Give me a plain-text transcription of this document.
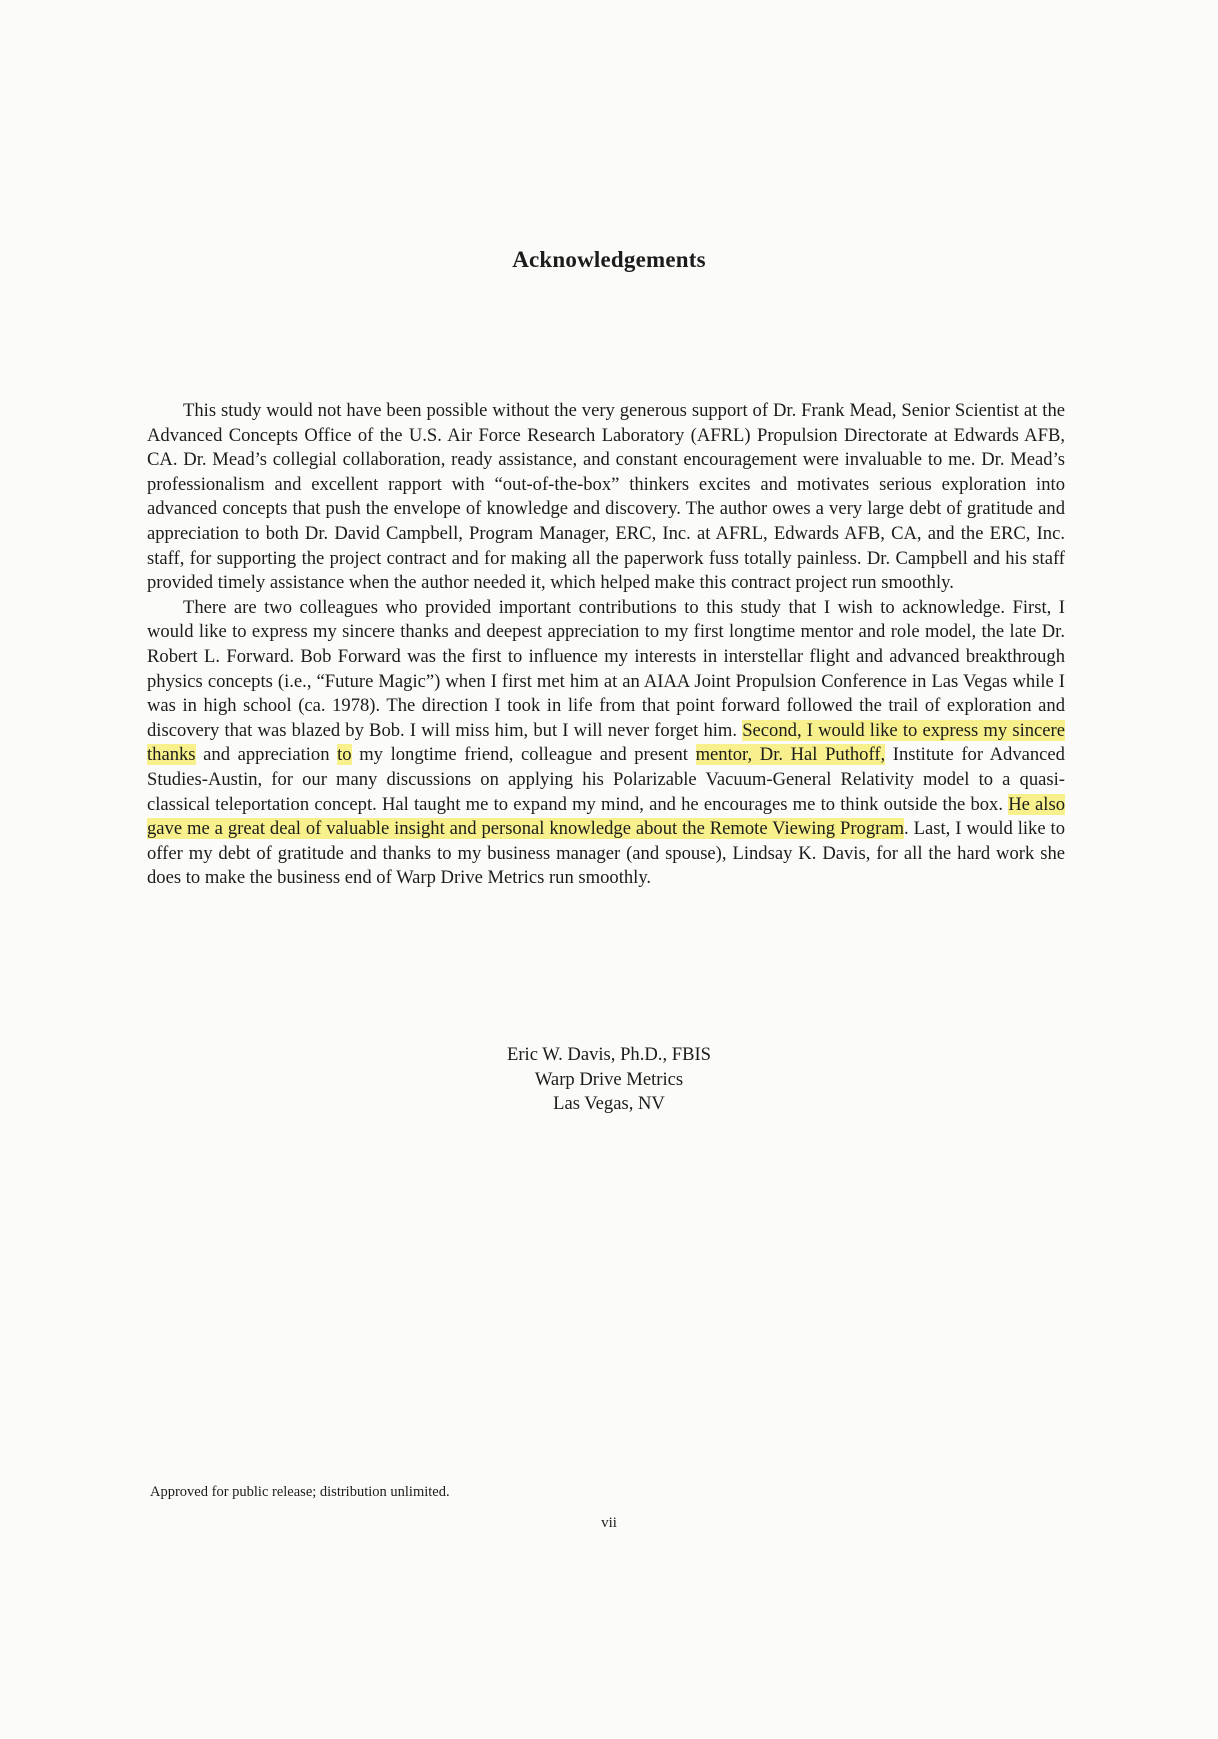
Acknowledgements

This study would not have been possible without the very generous support of Dr. Frank Mead, Senior Scientist at the Advanced Concepts Office of the U.S. Air Force Research Laboratory (AFRL) Propulsion Directorate at Edwards AFB, CA. Dr. Mead’s collegial collaboration, ready assistance, and constant encouragement were invaluable to me. Dr. Mead’s professionalism and excellent rapport with “out-of-the-box” thinkers excites and motivates serious exploration into advanced concepts that push the envelope of knowledge and discovery. The author owes a very large debt of gratitude and appreciation to both Dr. David Campbell, Program Manager, ERC, Inc. at AFRL, Edwards AFB, CA, and the ERC, Inc. staff, for supporting the project contract and for making all the paperwork fuss totally painless. Dr. Campbell and his staff provided timely assistance when the author needed it, which helped make this contract project run smoothly.

There are two colleagues who provided important contributions to this study that I wish to acknowledge. First, I would like to express my sincere thanks and deepest appreciation to my first longtime mentor and role model, the late Dr. Robert L. Forward. Bob Forward was the first to influence my interests in interstellar flight and advanced breakthrough physics concepts (i.e., “Future Magic”) when I first met him at an AIAA Joint Propulsion Conference in Las Vegas while I was in high school (ca. 1978). The direction I took in life from that point forward followed the trail of exploration and discovery that was blazed by Bob. I will miss him, but I will never forget him. Second, I would like to express my sincere thanks and appreciation to my longtime friend, colleague and present mentor, Dr. Hal Puthoff, Institute for Advanced Studies-Austin, for our many discussions on applying his Polarizable Vacuum-General Relativity model to a quasi-classical teleportation concept. Hal taught me to expand my mind, and he encourages me to think outside the box. He also gave me a great deal of valuable insight and personal knowledge about the Remote Viewing Program. Last, I would like to offer my debt of gratitude and thanks to my business manager (and spouse), Lindsay K. Davis, for all the hard work she does to make the business end of Warp Drive Metrics run smoothly.

Eric W. Davis, Ph.D., FBIS
Warp Drive Metrics
Las Vegas, NV
Approved for public release; distribution unlimited.
vii
